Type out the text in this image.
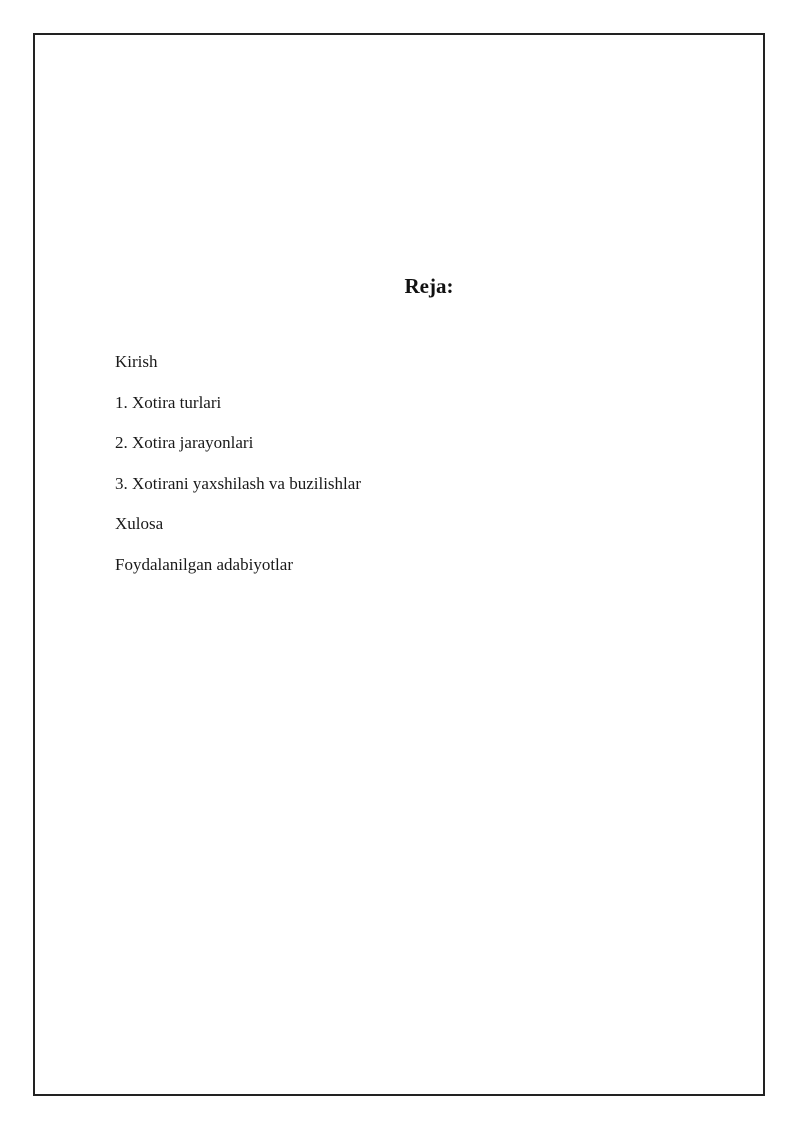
Reja:
Kirish
1. Xotira turlari
2. Xotira jarayonlari
3. Xotirani yaxshilash va buzilishlar
Xulosa
Foydalanilgan adabiyotlar
